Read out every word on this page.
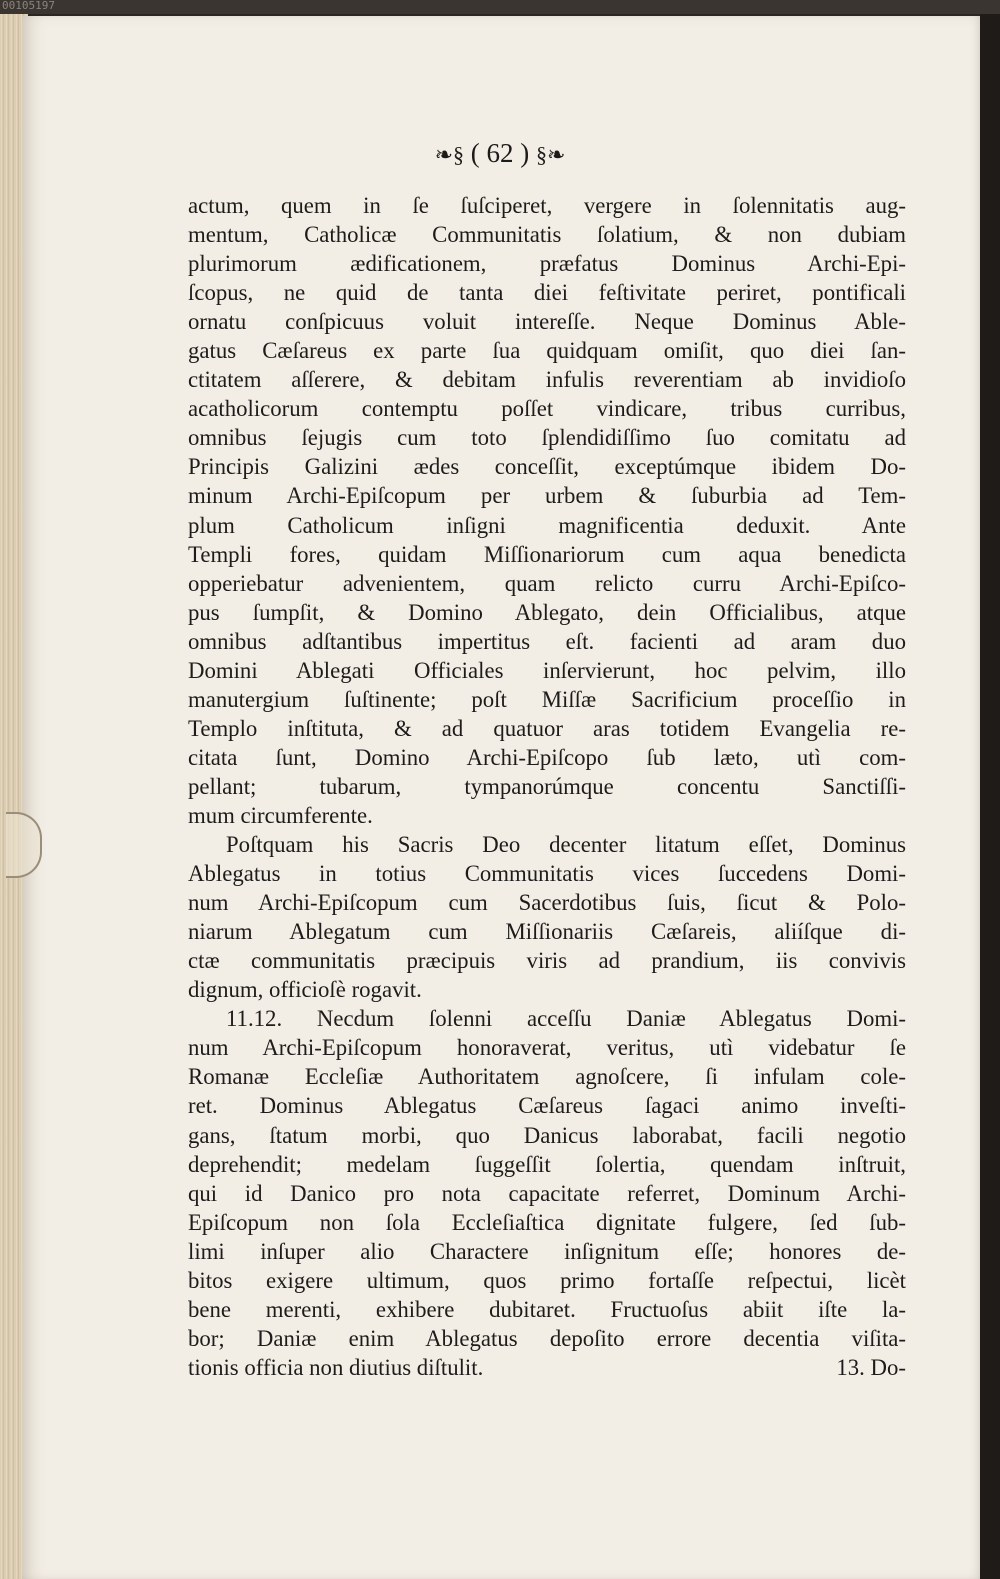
00105197
❧§ ( 62 ) §❧
actum, quem in ſe ſuſciperet, vergere in ſolennitatis aug-
mentum, Catholicæ Communitatis ſolatium, & non dubiam
plurimorum ædificationem, præfatus Dominus Archi-Epi-
ſcopus, ne quid de tanta diei feſtivitate periret, pontificali
ornatu conſpicuus voluit intereſſe. Neque Dominus Able-
gatus Cæſareus ex parte ſua quidquam omiſit, quo diei ſan-
ctitatem aſſerere, & debitam infulis reverentiam ab invidioſo
acatholicorum contemptu poſſet vindicare, tribus curribus,
omnibus ſejugis cum toto ſplendidiſſimo ſuo comitatu ad
Principis Galizini ædes conceſſit, exceptúmque ibidem Do-
minum Archi-Epiſcopum per urbem & ſuburbia ad Tem-
plum Catholicum inſigni magnificentia deduxit. Ante
Templi fores, quidam Miſſionariorum cum aqua benedicta
opperiebatur advenientem, quam relicto curru Archi-Epiſco-
pus ſumpſit, & Domino Ablegato, dein Officialibus, atque
omnibus adſtantibus impertitus eſt. facienti ad aram duo
Domini Ablegati Officiales inſervierunt, hoc pelvim, illo
manutergium ſuſtinente; poſt Miſſæ Sacrificium proceſſio in
Templo inſtituta, & ad quatuor aras totidem Evangelia re-
citata ſunt, Domino Archi-Epiſcopo ſub læto, utì com-
pellant; tubarum, tympanorúmque concentu Sanctiſſi-
mum circumferente.
Poſtquam his Sacris Deo decenter litatum eſſet, Dominus
Ablegatus in totius Communitatis vices ſuccedens Domi-
num Archi-Epiſcopum cum Sacerdotibus ſuis, ſicut & Polo-
niarum Ablegatum cum Miſſionariis Cæſareis, aliíſque di-
ctæ communitatis præcipuis viris ad prandium, iis convivis
dignum, officioſè rogavit.
11.12. Necdum ſolenni acceſſu Daniæ Ablegatus Domi-
num Archi-Epiſcopum honoraverat, veritus, utì videbatur ſe
Romanæ Eccleſiæ Authoritatem agnoſcere, ſi infulam cole-
ret. Dominus Ablegatus Cæſareus ſagaci animo inveſti-
gans, ſtatum morbi, quo Danicus laborabat, facili negotio
deprehendit; medelam ſuggeſſit ſolertia, quendam inſtruit,
qui id Danico pro nota capacitate referret, Dominum Archi-
Epiſcopum non ſola Eccleſiaſtica dignitate fulgere, ſed ſub-
limi inſuper alio Charactere inſignitum eſſe; honores de-
bitos exigere ultimum, quos primo fortaſſe reſpectui, licèt
bene merenti, exhibere dubitaret. Fructuoſus abiit iſte la-
bor; Daniæ enim Ablegatus depoſito errore decentia viſita-
tionis officia non diutius diſtulit.	13. Do-
